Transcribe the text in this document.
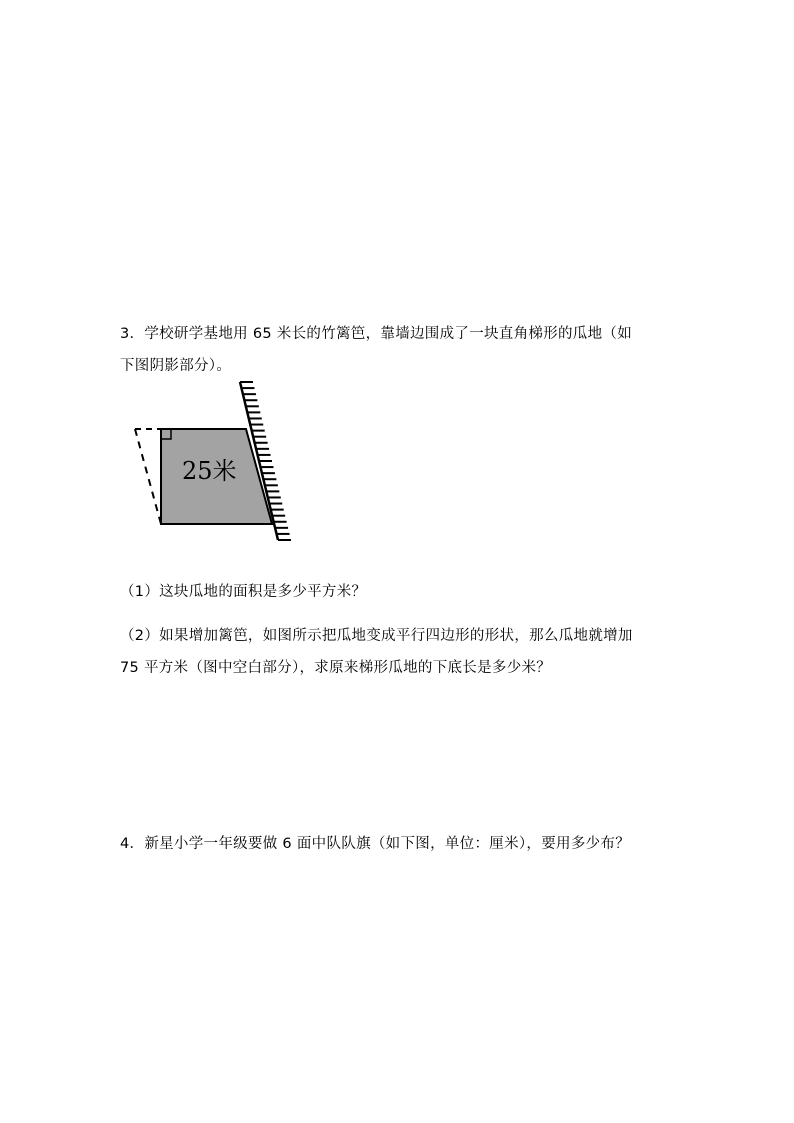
3．学校研学基地用 65 米长的竹篱笆，靠墙边围成了一块直角梯形的瓜地（如
下图阴影部分）。
25米
（1）这块瓜地的面积是多少平方米？
（2）如果增加篱笆，如图所示把瓜地变成平行四边形的形状，那么瓜地就增加
75 平方米（图中空白部分），求原来梯形瓜地的下底长是多少米？
4．新星小学一年级要做 6 面中队队旗（如下图，单位：厘米），要用多少布？
